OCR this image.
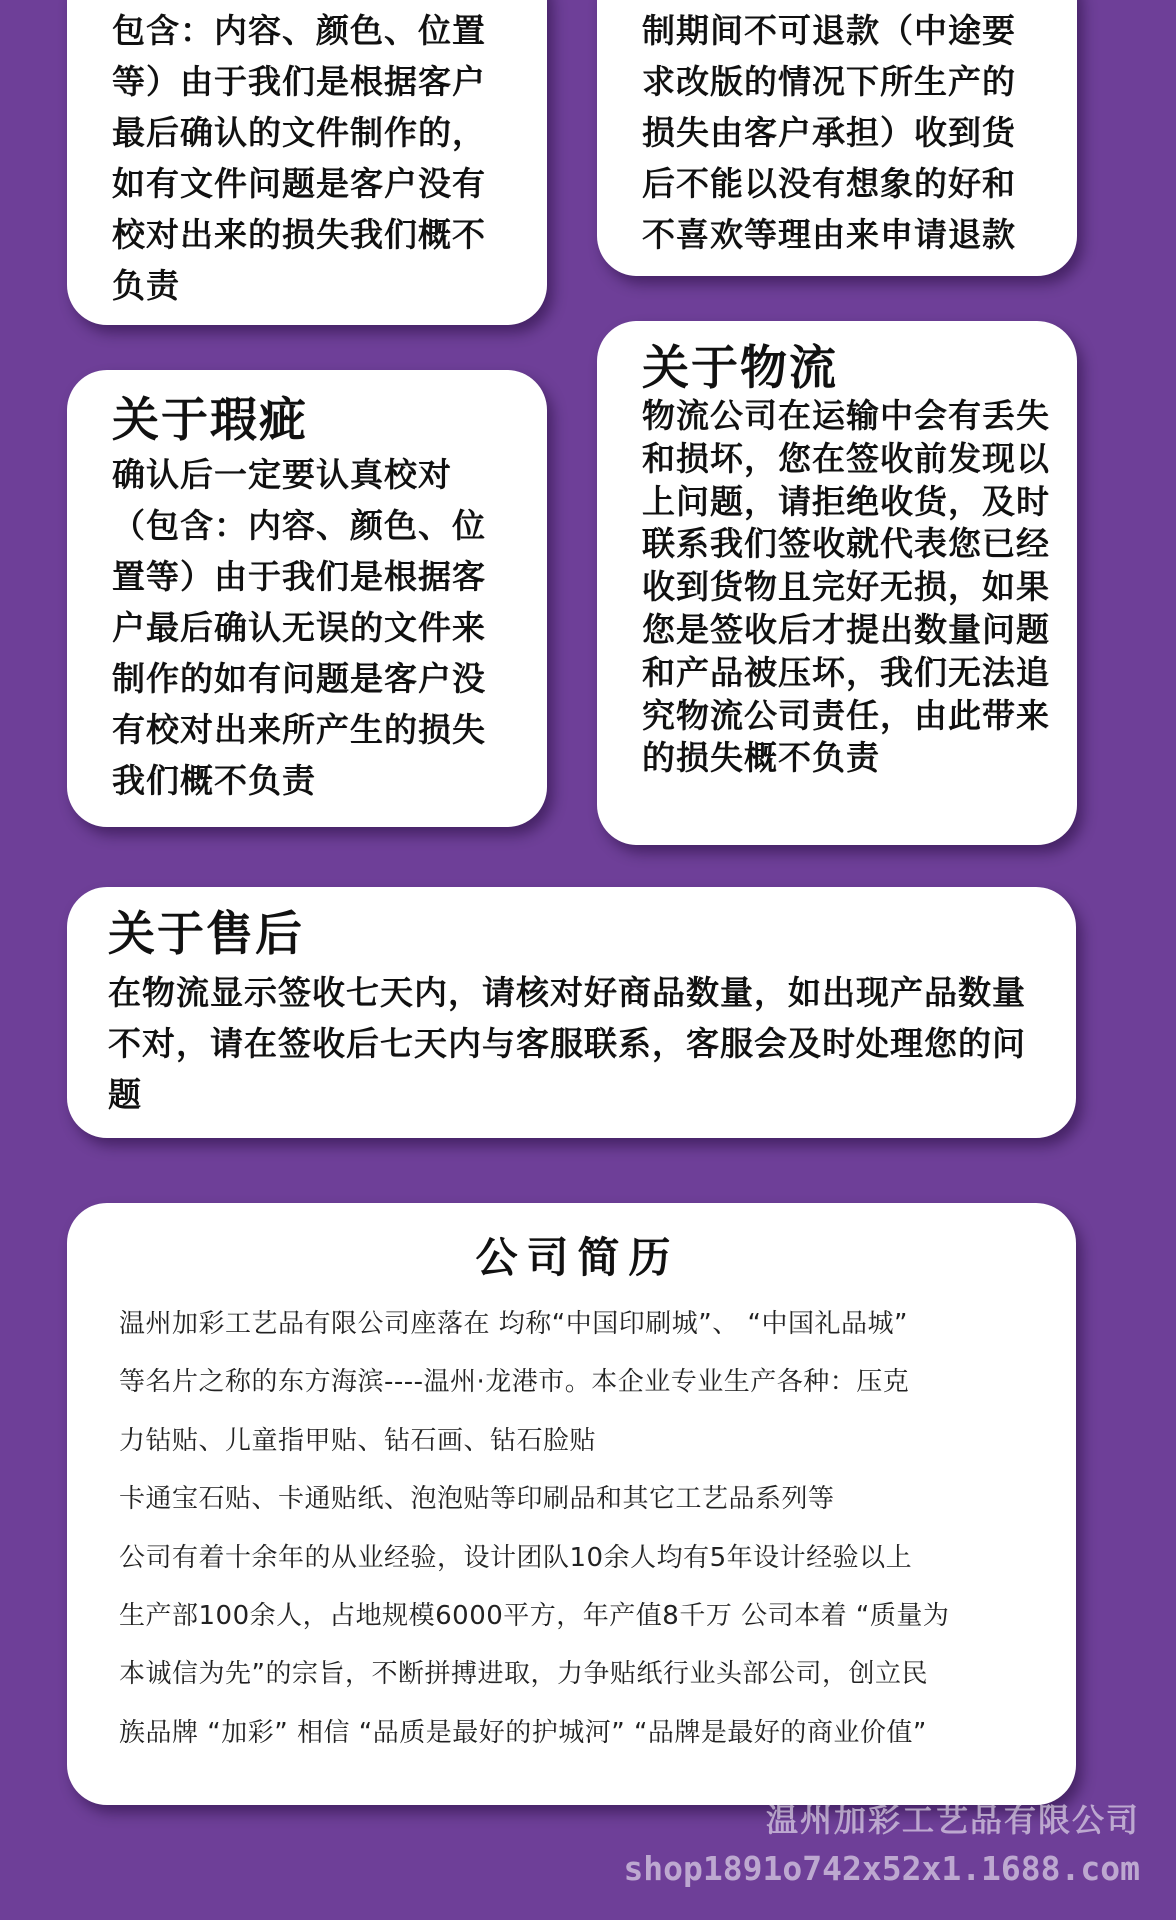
包含：内容、颜色、位置等）由于我们是根据客户最后确认的文件制作的，如有文件问题是客户没有校对出来的损失我们概不负责
制期间不可退款（中途要求改版的情况下所生产的损失由客户承担）收到货后不能以没有想象的好和不喜欢等理由来申请退款
关于瑕疵
确认后一定要认真校对（包含：内容、颜色、位置等）由于我们是根据客户最后确认无误的文件来制作的如有问题是客户没有校对出来所产生的损失我们概不负责
关于物流
物流公司在运输中会有丢失和损坏，您在签收前发现以上问题，请拒绝收货，及时联系我们签收就代表您已经收到货物且完好无损，如果您是签收后才提出数量问题和产品被压坏，我们无法追究物流公司责任，由此带来的损失概不负责
关于售后
在物流显示签收七天内，请核对好商品数量，如出现产品数量不对，请在签收后七天内与客服联系，客服会及时处理您的问题
公司简历
温州加彩工艺品有限公司座落在 均称“中国印刷城”、 “中国礼品城”
等名片之称的东方海滨----温州·龙港市。本企业专业生产各种：压克
力钻贴、儿童指甲贴、钻石画、钻石脸贴
卡通宝石贴、卡通贴纸、泡泡贴等印刷品和其它工艺品系列等
公司有着十余年的从业经验，设计团队10余人均有5年设计经验以上
生产部100余人，占地规模6000平方，年产值8千万 公司本着 “质量为
本诚信为先”的宗旨，不断拼搏进取，力争贴纸行业头部公司，创立民
族品牌 “加彩” 相信 “品质是最好的护城河” “品牌是最好的商业价值”
温州加彩工艺品有限公司
shop1891o742x52x1.1688.com
